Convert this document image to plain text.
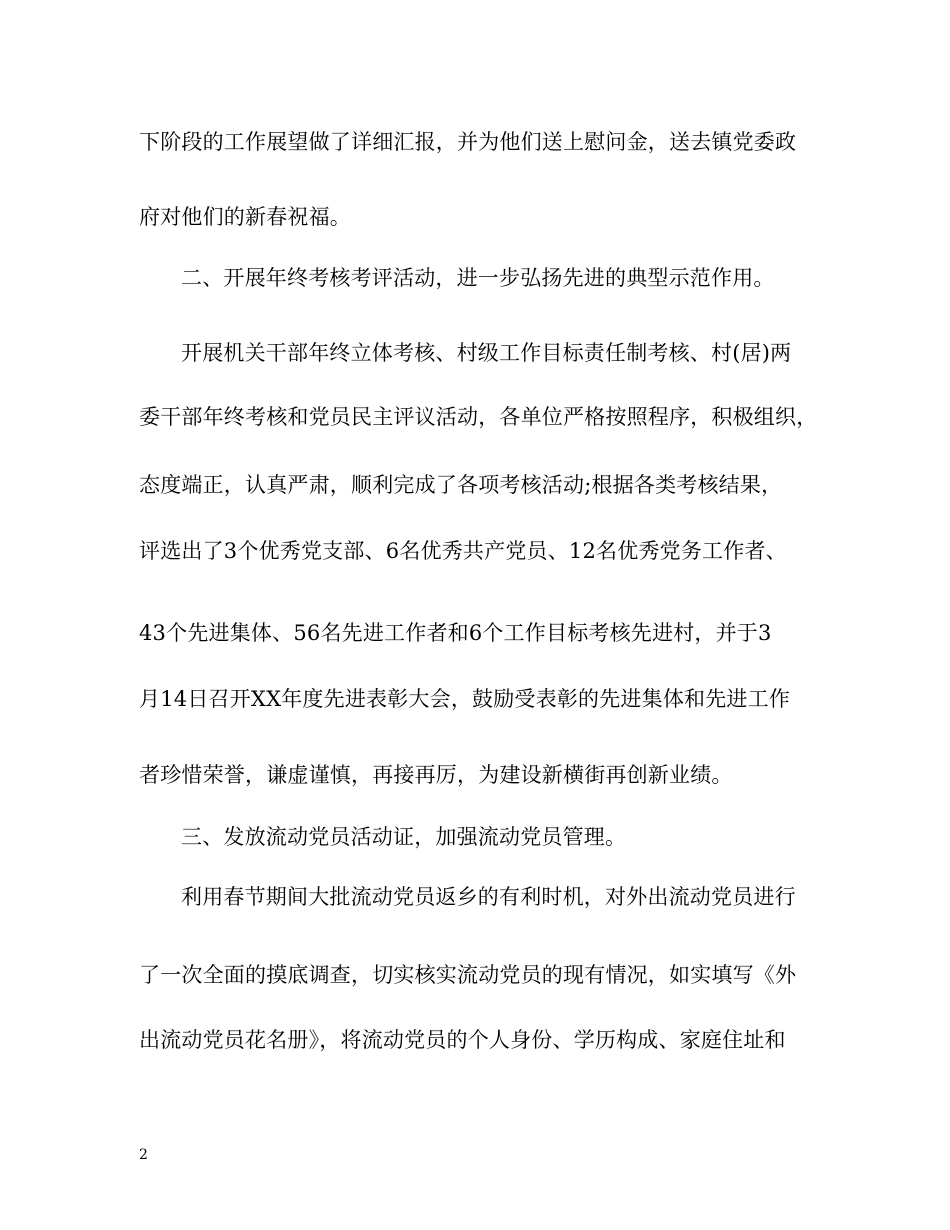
下阶段的工作展望做了详细汇报，并为他们送上慰问金，送去镇党委政
府对他们的新春祝福。
二、开展年终考核考评活动，进一步弘扬先进的典型示范作用。
开展机关干部年终立体考核、村级工作目标责任制考核、村(居)两
委干部年终考核和党员民主评议活动，各单位严格按照程序，积极组织，
态度端正，认真严肃，顺利完成了各项考核活动;根据各类考核结果，
评选出了3个优秀党支部、6名优秀共产党员、12名优秀党务工作者、
43个先进集体、56名先进工作者和6个工作目标考核先进村，并于3
月14日召开XX年度先进表彰大会，鼓励受表彰的先进集体和先进工作
者珍惜荣誉，谦虚谨慎，再接再厉，为建设新横街再创新业绩。
三、发放流动党员活动证，加强流动党员管理。
利用春节期间大批流动党员返乡的有利时机，对外出流动党员进行
了一次全面的摸底调查，切实核实流动党员的现有情况，如实填写《外
出流动党员花名册》，将流动党员的个人身份、学历构成、家庭住址和
2
